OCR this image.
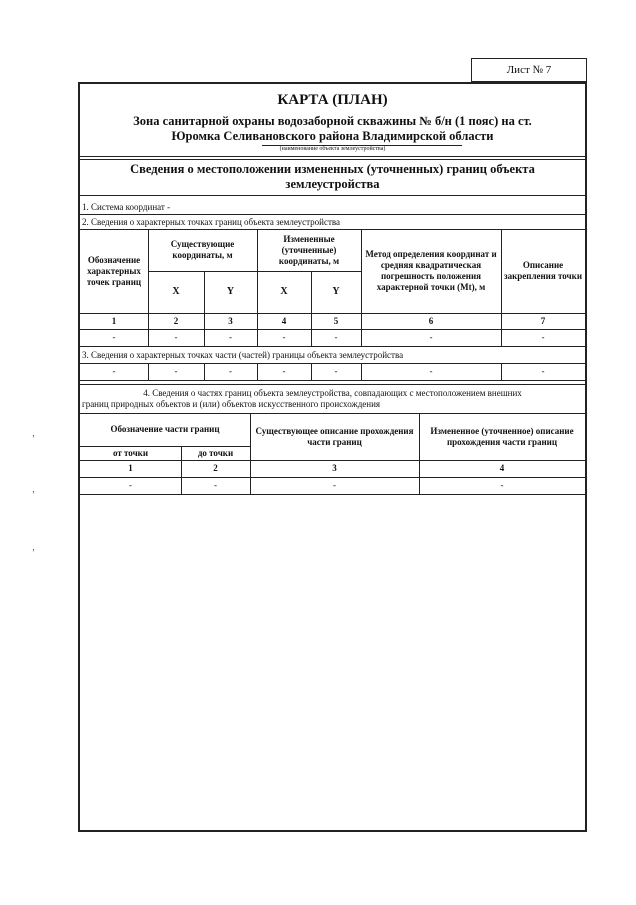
Лист № 7
‚
‚
‚
КАРТА (ПЛАН)
Зона санитарной охраны водозаборной скважины № б/н (1 пояс) на ст.
Юромка Селивановского района Владимирской области
(наименование объекта землеустройства)
Сведения о местоположении измененных (уточненных) границ объекта
землеустройства
1. Система координат -
2. Сведения о характерных точках границ объекта землеустройства
Обозначение характерных точек границ
Существующие координаты, м
Измененные (уточненные) координаты, м
Метод определения координат и средняя квадратическая погрешность положения характерной точки (Мt), м
Описание закрепления точки
X	Y	X	Y
1	2	3	4	5	6	7
-	-	-	-	-	-	-
3. Сведения о характерных точках части (частей) границы объекта землеустройства
-	-	-	-	-	-	-
4. Сведения о частях границ объекта землеустройства, совпадающих с местоположением внешних
границ природных объектов и (или) объектов искусственного происхождения
Обозначение части границ
от точки	до точки
Существующее описание прохождения части границ
Измененное (уточненное) описание прохождения части границ
1	2	3	4
-	-	-	-
